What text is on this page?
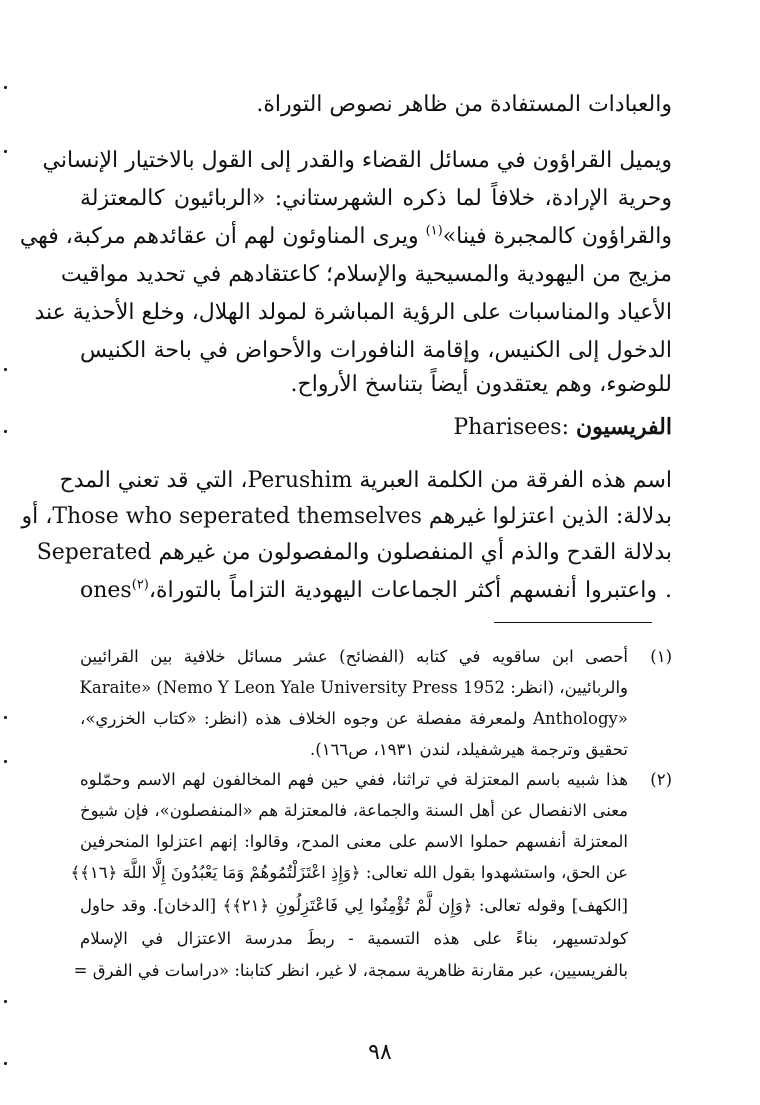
والعبادات المستفادة من ظاهر نصوص التوراة.
ويميل القراؤون في مسائل القضاء والقدر إلى القول بالاختيار الإنساني
وحرية الإرادة، خلافاً لما ذكره الشهرستاني: «الربائيون كالمعتزلة
والقراؤون كالمجبرة فينا»$^{(١)}$ ويرى المناوئون لهم أن عقائدهم مركبة، فهي
مزيج من اليهودية والمسيحية والإسلام؛ كاعتقادهم في تحديد مواقيت
الأعياد والمناسبات على الرؤية المباشرة لمولد الهلال، وخلع الأحذية عند
الدخول إلى الكنيس، وإقامة النافورات والأحواض في باحة الكنيس
للوضوء، وهم يعتقدون أيضاً بتناسخ الأرواح.
الفريسيون :Pharisees
اسم هذه الفرقة من الكلمة العبرية Perushim، التي قد تعني المدح
بدلالة: الذين اعتزلوا غيرهم Those who seperated themselves، أو
بدلالة القدح والذم أي المنفصلون والمفصولون من غيرهم Seperated
. واعتبروا أنفسهم أكثر الجماعات اليهودية التزاماً بالتوراة،$^{(٢)}$ones
(١)
أحصى ابن ساقويه في كتابه (الفضائح) عشر مسائل خلافية بين القرائيين
والربائيين، (انظر: Karaite» (Nemo Y Leon Yale University Press 1952
«Anthology ولمعرفة مفصلة عن وجوه الخلاف هذه (انظر: «كتاب الخزري»،
تحقيق وترجمة هيرشفيلد، لندن ١٩٣١، ص١٦٦).
(٢)
هذا شبيه باسم المعتزلة في تراثنا، ففي حين فهم المخالفون لهم الاسم وحمّلوه
معنى الانفصال عن أهل السنة والجماعة، فالمعتزلة هم «المنفصلون»، فإن شيوخ
المعتزلة أنفسهم حملوا الاسم على معنى المدح، وقالوا: إنهم اعتزلوا المنحرفين
عن الحق، واستشهدوا بقول الله تعالى: ﴿وَإِذِ اعْتَزَلْتُمُوهُمْ وَمَا يَعْبُدُونَ إِلَّا اللَّهَ ﴿١٦﴾﴾
[الكهف] وقوله تعالى: ﴿وَإِن لَّمْ تُؤْمِنُوا لِي فَاعْتَزِلُونِ ﴿٢١﴾﴾ [الدخان]. وقد حاول
كولدتسيهر، بناءً على هذه التسمية - ربطَ مدرسة الاعتزال في الإسلام
بالفريسيين، عبر مقارنة ظاهرية سمجة، لا غير، انظر كتابنا: «دراسات في الفرق =
٩٨
